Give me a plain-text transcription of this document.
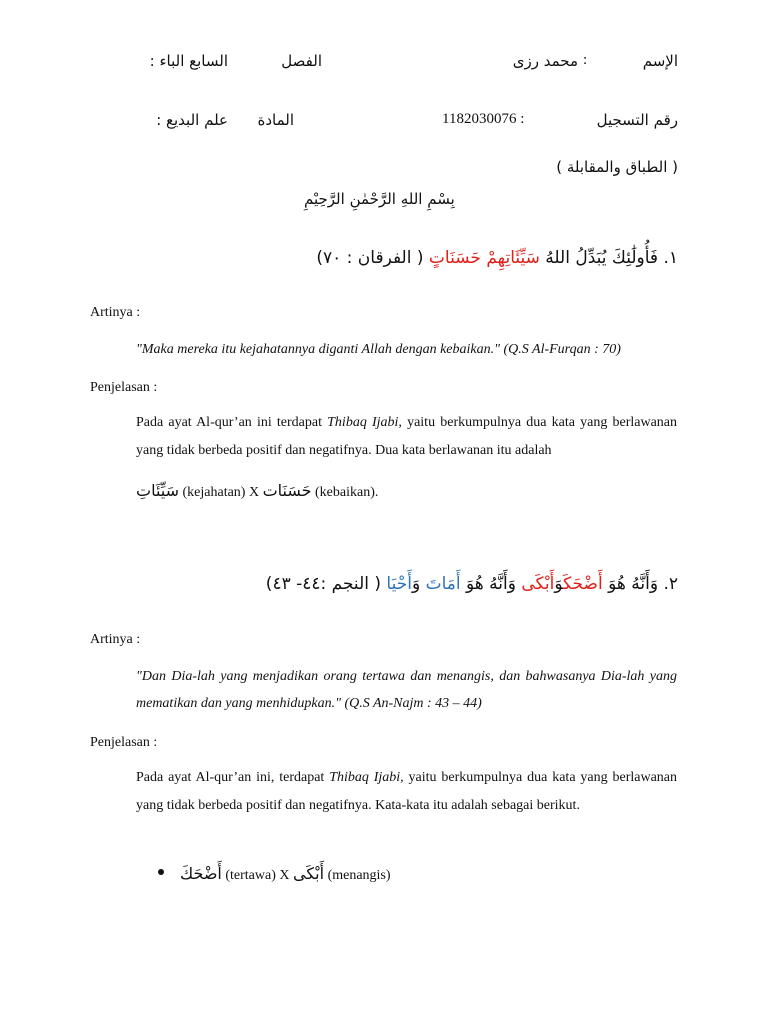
الإسم
:
محمد رزى
الفصل
السابع الباء :
رقم التسجيل
1182030076 :
المادة
علم البديع :
( الطباق والمقابلة )
بِسْمِ اللهِ الرَّحْمٰنِ الرَّحِيْمِ
١. فَأُولَٰئِكَ يُبَدِّلُ اللهُ سَيِّئَاتِهِمْ حَسَنَاتٍ ( الفرقان : ٧٠)
Artinya :
"Maka mereka itu kejahatannya diganti Allah dengan kebaikan." (Q.S Al-Furqan : 70)
Penjelasan :
Pada ayat Al-qur’an ini terdapat Thibaq Ijabi, yaitu berkumpulnya dua kata yang berlawanan yang tidak berbeda positif dan negatifnya. Dua kata berlawanan itu adalah
سَيِّئَاتِ (kejahatan) X حَسَنَات (kebaikan).
٢. وَأَنَّهُ هُوَ أَضْحَكَوَأَبْكَى وَأَنَّهُ هُوَ أَمَاتَ وَأَحْيَا ( النجم :٤٤- ٤٣)
Artinya :
"Dan Dia-lah yang menjadikan orang tertawa dan menangis, dan bahwasanya Dia-lah yang mematikan dan yang menhidupkan." (Q.S An-Najm : 43 – 44)
Penjelasan :
Pada ayat Al-qur’an ini, terdapat Thibaq Ijabi, yaitu berkumpulnya dua kata yang berlawanan yang tidak berbeda positif dan negatifnya. Kata-kata itu adalah sebagai berikut.
أَضْحَكَ (tertawa) X أَبْكَى (menangis)
